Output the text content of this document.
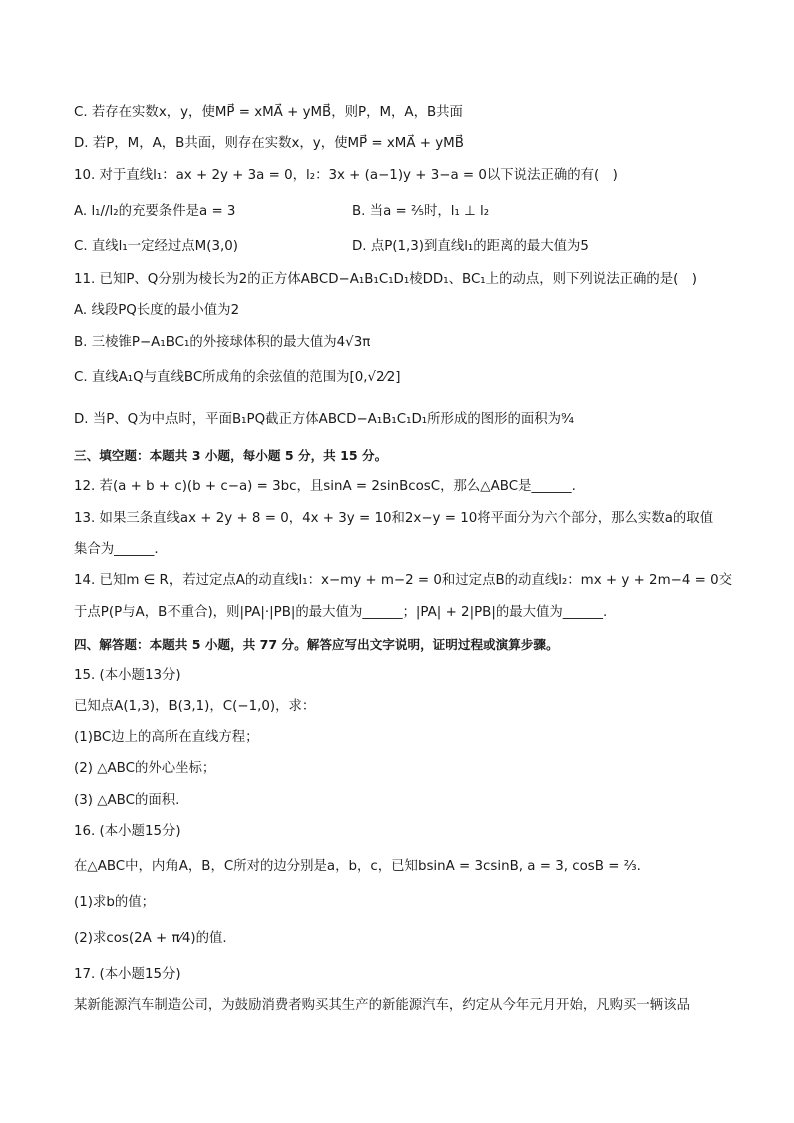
C. 若存在实数x，y，使MP⃗ = xMA⃗ + yMB⃗，则P，M，A，B共面
D. 若P，M，A，B共面，则存在实数x，y，使MP⃗ = xMA⃗ + yMB⃗
10. 对于直线l₁：ax + 2y + 3a = 0，l₂：3x + (a−1)y + 3−a = 0以下说法正确的有(　)
A. l₁//l₂的充要条件是a = 3	B. 当a = ²⁄₅时，l₁ ⊥ l₂
C. 直线l₁一定经过点M(3,0)	D. 点P(1,3)到直线l₁的距离的最大值为5
11. 已知P、Q分别为棱长为2的正方体ABCD−A₁B₁C₁D₁棱DD₁、BC₁上的动点，则下列说法正确的是(　)
A. 线段PQ长度的最小值为2
B. 三棱锥P−A₁BC₁的外接球体积的最大值为4√3π
C. 直线A₁Q与直线BC所成角的余弦值的范围为[0,√2⁄2]
D. 当P、Q为中点时，平面B₁PQ截正方体ABCD−A₁B₁C₁D₁所形成的图形的面积为⁹⁄₄
三、填空题：本题共 3 小题，每小题 5 分，共 15 分。
12. 若(a + b + c)(b + c−a) = 3bc，且sinA = 2sinBcosC，那么△ABC是______.
13. 如果三条直线ax + 2y + 8 = 0，4x + 3y = 10和2x−y = 10将平面分为六个部分，那么实数a的取值
集合为______.
14. 已知m ∈ R，若过定点A的动直线l₁：x−my + m−2 = 0和过定点B的动直线l₂：mx + y + 2m−4 = 0交
于点P(P与A，B不重合)，则|PA|·|PB|的最大值为______；|PA| + 2|PB|的最大值为______.
四、解答题：本题共 5 小题，共 77 分。解答应写出文字说明，证明过程或演算步骤。
15. (本小题13分)
已知点A(1,3)，B(3,1)，C(−1,0)，求：
(1)BC边上的高所在直线方程；
(2) △ABC的外心坐标；
(3) △ABC的面积.
16. (本小题15分)
在△ABC中，内角A，B，C所对的边分别是a，b，c，已知bsinA = 3csinB, a = 3, cosB = ²⁄₃.
(1)求b的值；
(2)求cos(2A + π⁄4)的值.
17. (本小题15分)
某新能源汽车制造公司，为鼓励消费者购买其生产的新能源汽车，约定从今年元月开始，凡购买一辆该品
